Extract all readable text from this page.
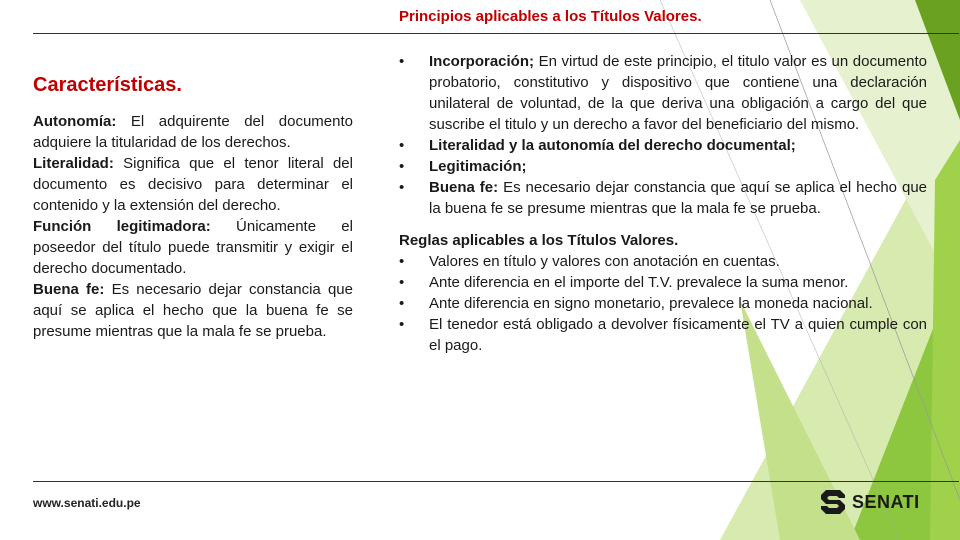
Principios aplicables a los Títulos Valores.
Características.

Autonomía: El adquirente del documento adquiere la titularidad de los derechos.

Literalidad: Significa que el tenor literal del documento es decisivo para determinar el contenido y la extensión del derecho.

Función legitimadora: Únicamente el poseedor del título puede transmitir y exigir el derecho documentado.

Buena fe: Es necesario dejar constancia que aquí se aplica el hecho que la buena fe se presume mientras que la mala fe se prueba.

• Incorporación; En virtud de este principio, el titulo valor es un documento probatorio, constitutivo y dispositivo que contiene una declaración unilateral de voluntad, de la que deriva una obligación a cargo del que suscribe el titulo y un derecho a favor del beneficiario del mismo.
• Literalidad y la autonomía del derecho documental;
• Legitimación;
• Buena fe: Es necesario dejar constancia que aquí se aplica el hecho que la buena fe se presume mientras que la mala fe se prueba.

Reglas aplicables a los Títulos Valores.

• Valores en título y valores con anotación en cuentas.
• Ante diferencia en el importe del T.V. prevalece la suma menor.
• Ante diferencia en signo monetario, prevalece la moneda nacional.
• El tenedor está obligado a devolver físicamente el TV a quien cumple con el pago.
www.senati.edu.pe	SENATI
